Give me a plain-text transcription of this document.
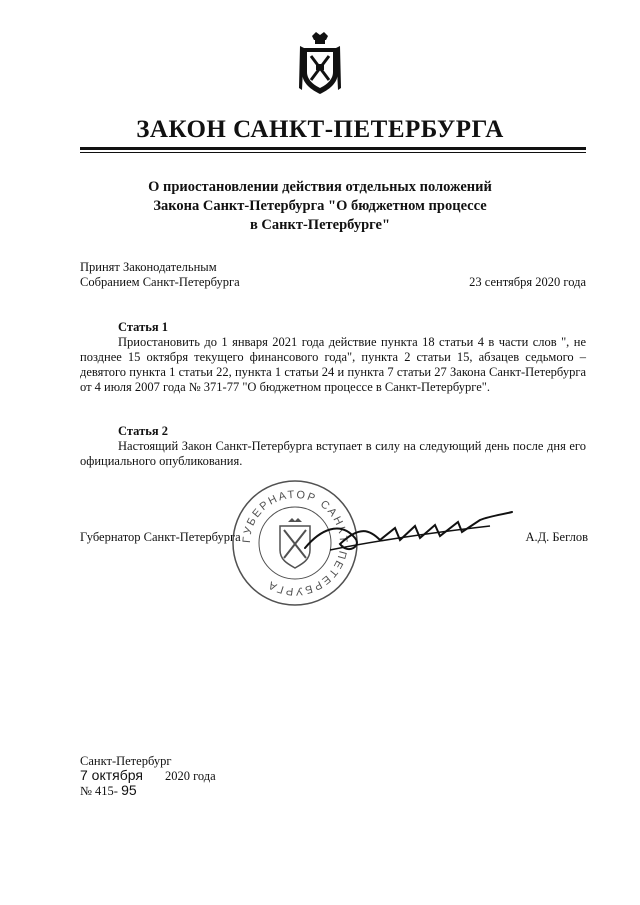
ЗАКОН САНКТ-ПЕТЕРБУРГА
О приостановлении действия отдельных положений
Закона Санкт-Петербурга "О бюджетном процессе
в Санкт-Петербурге"
Принят Законодательным
Собранием Санкт-Петербурга	23 сентября 2020 года
Статья 1
Приостановить до 1 января 2021 года действие пункта 18 статьи 4 в части слов ", не позднее 15 октября текущего финансового года", пункта 2 статьи 15, абзацев седьмого – девятого пункта 1 статьи 22, пункта 1 статьи 24 и пункта 7 статьи 27 Закона Санкт-Петербурга от 4 июля 2007 года № 371-77 "О бюджетном процессе в Санкт-Петербурге".
Статья 2
Настоящий Закон Санкт-Петербурга вступает в силу на следующий день после дня его официального опубликования.
Губернатор Санкт-Петербурга	А.Д. Беглов
ГУБЕРНАТОР САНКТ-ПЕТЕРБУРГА
Санкт-Петербург
7 октября 2020 года
№ 415- 95
